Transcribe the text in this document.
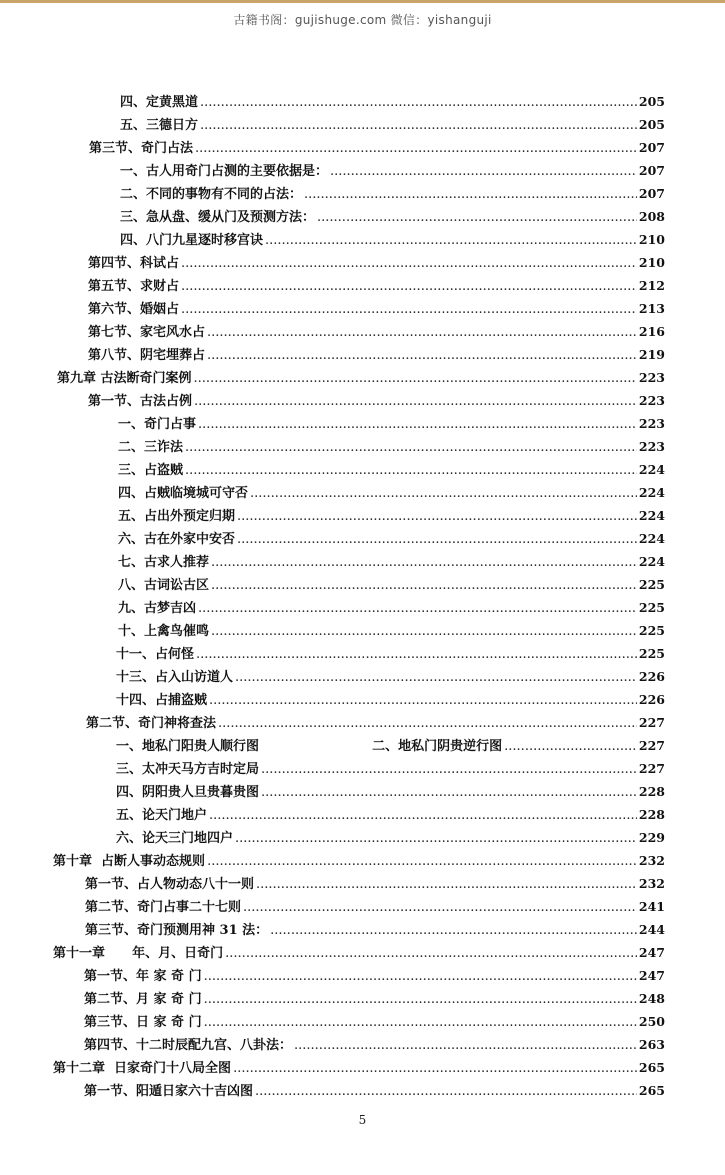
古籍书阁：gujishuge.com 微信：yishanguji
四、定黄黑道 .....	205
五、三德日方 .....	205
第三节、奇门占法 .....	207
一、古人用奇门占测的主要依据是： .....	207
二、不同的事物有不同的占法： .....	207
三、急从盘、缓从门及预测方法： .....	208
四、八门九星逐时移宫诀 .....	210
第四节、科试占 .....	210
第五节、求财占 .....	212
第六节、婚姻占 .....	213
第七节、家宅风水占 .....	216
第八节、阴宅埋葬占 .....	219
第九章 古法断奇门案例 .....	223
第一节、古法占例 .....	223
一、奇门占事 .....	223
二、三诈法 .....	223
三、占盗贼 .....	224
四、占贼临境城可守否 .....	224
五、占出外预定归期 .....	224
六、古在外家中安否 .....	224
七、古求人推荐 .....	224
八、古词讼古区 .....	225
九、古梦吉凶 .....	225
十、上禽鸟催鸣 .....	225
十一、占何怪 .....	225
十三、占入山访道人 .....	226
十四、占捕盗贼 .....	226
第二节、奇门神将查法 .....	227
一、地私门阳贵人顺行图                         二、地私门阴贵逆行图 .....	227
三、太冲天马方吉时定局 .....	227
四、阴阳贵人旦贵暮贵图 .....	228
五、论天门地户 .....	228
六、论天三门地四户 .....	229
第十章  占断人事动态规则 .....	232
第一节、占人物动态八十一则 .....	232
第二节、奇门占事二十七则 .....	241
第三节、奇门预测用神 31 法： .....	244
第十一章      年、月、日奇门 .....	247
第一节、年 家 奇 门 .....	247
第二节、月 家 奇 门 .....	248
第三节、日 家 奇 门 .....	250
第四节、十二时辰配九宫、八卦法： .....	263
第十二章  日家奇门十八局全图 .....	265
第一节、阳遁日家六十吉凶图 .....	265
5
